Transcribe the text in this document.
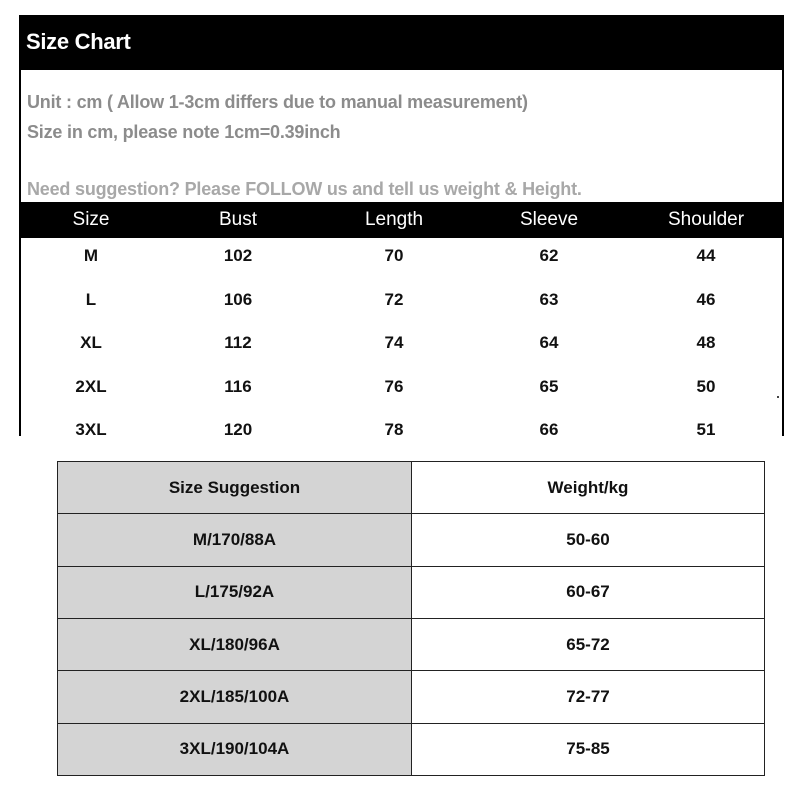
Size Chart
Unit : cm ( Allow 1-3cm differs due to manual measurement)
Size in cm, please note 1cm=0.39inch
Need suggestion? Please FOLLOW us and tell us weight & Height.
Size	Bust	Length	Sleeve	Shoulder
M	102	70	62	44
L	106	72	63	46
XL	112	74	64	48
2XL	116	76	65	50
3XL	120	78	66	51
Size Suggestion	Weight/kg
M/170/88A	50-60
L/175/92A	60-67
XL/180/96A	65-72
2XL/185/100A	72-77
3XL/190/104A	75-85
